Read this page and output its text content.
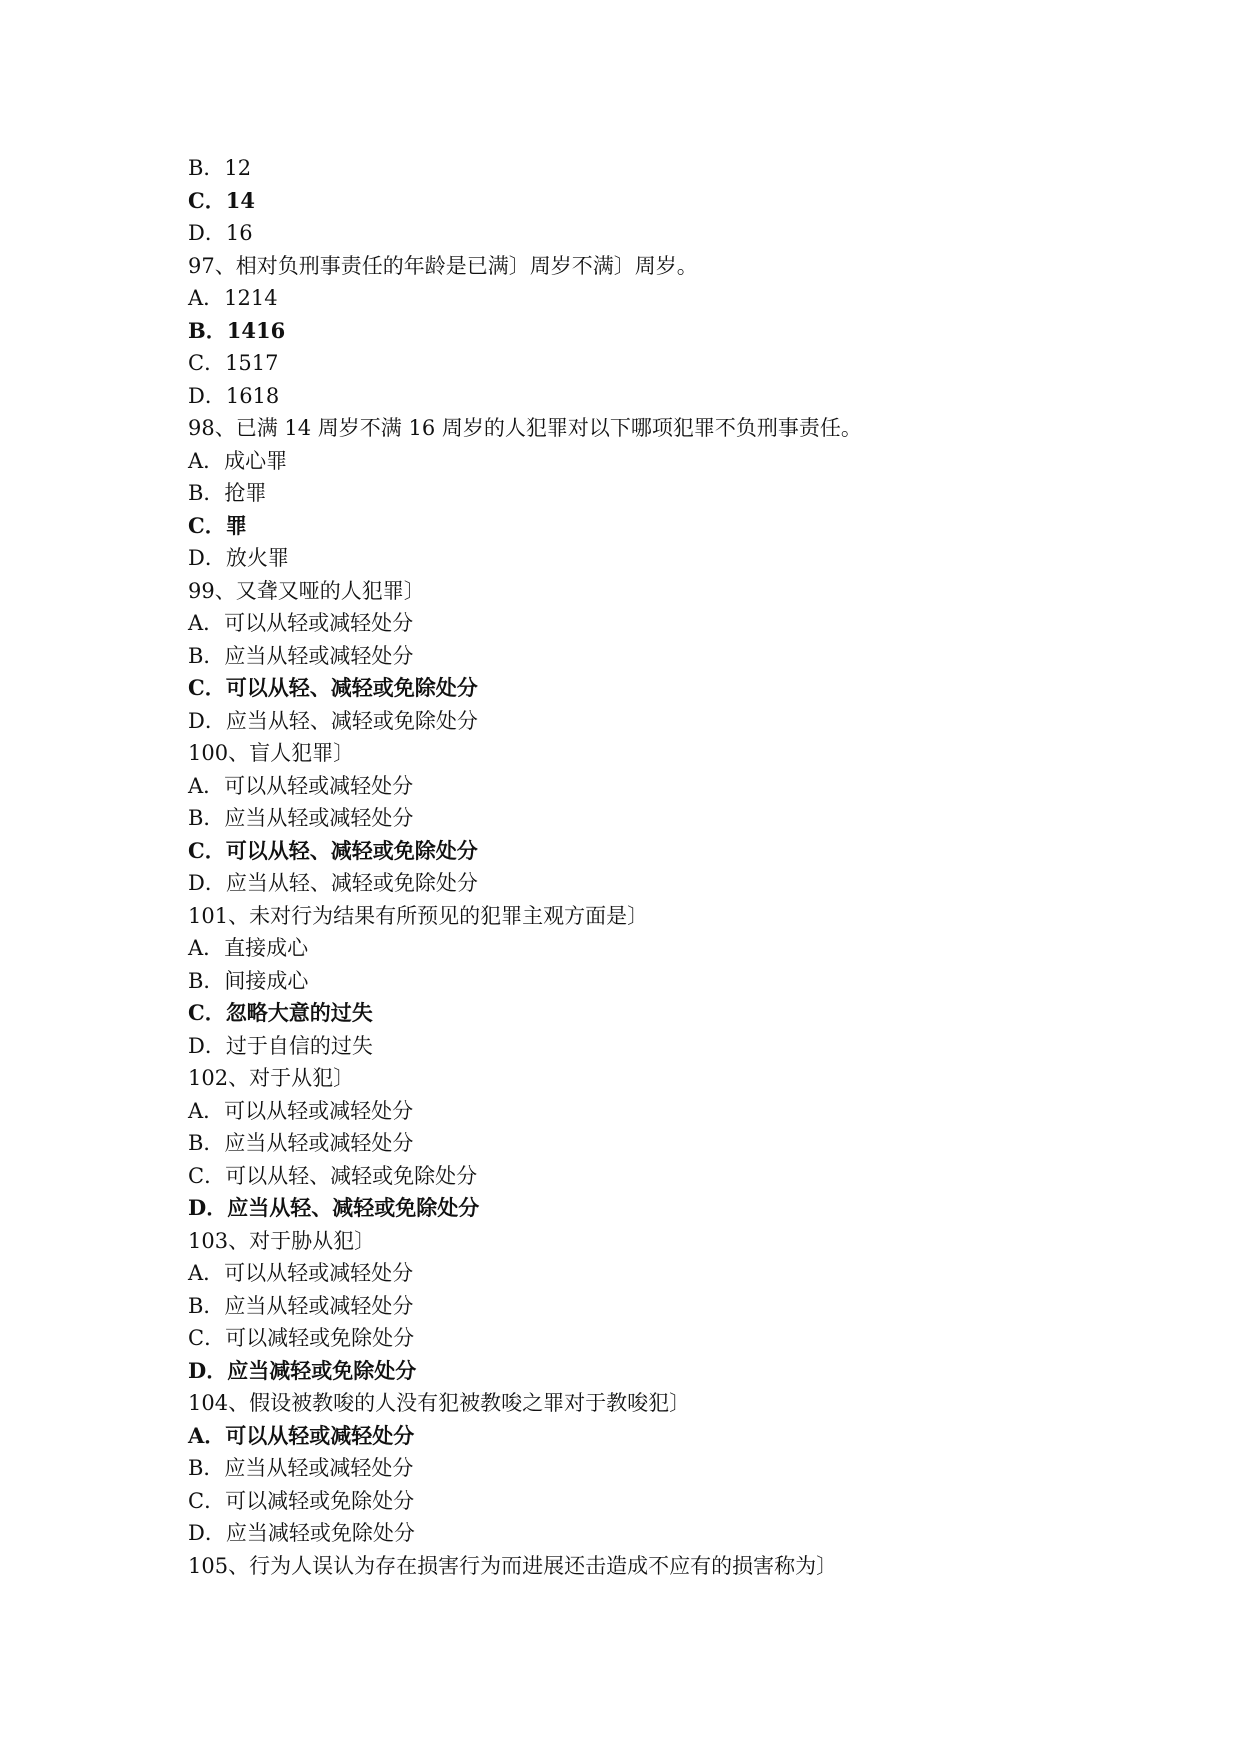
B．12
C．14
D．16
97、相对负刑事责任的年龄是已满〕周岁不满〕周岁。
A．1214
B．1416
C．1517
D．1618
98、已满 14 周岁不满 16 周岁的人犯罪对以下哪项犯罪不负刑事责任。
A．成心罪
B．抢罪
C．罪
D．放火罪
99、又聋又哑的人犯罪〕
A．可以从轻或减轻处分
B．应当从轻或减轻处分
C．可以从轻、减轻或免除处分
D．应当从轻、减轻或免除处分
100、盲人犯罪〕
A．可以从轻或减轻处分
B．应当从轻或减轻处分
C．可以从轻、减轻或免除处分
D．应当从轻、减轻或免除处分
101、未对行为结果有所预见的犯罪主观方面是〕
A．直接成心
B．间接成心
C．忽略大意的过失
D．过于自信的过失
102、对于从犯〕
A．可以从轻或减轻处分
B．应当从轻或减轻处分
C．可以从轻、减轻或免除处分
D．应当从轻、减轻或免除处分
103、对于胁从犯〕
A．可以从轻或减轻处分
B．应当从轻或减轻处分
C．可以减轻或免除处分
D．应当减轻或免除处分
104、假设被教唆的人没有犯被教唆之罪对于教唆犯〕
A．可以从轻或减轻处分
B．应当从轻或减轻处分
C．可以减轻或免除处分
D．应当减轻或免除处分
105、行为人误认为存在损害行为而进展还击造成不应有的损害称为〕
